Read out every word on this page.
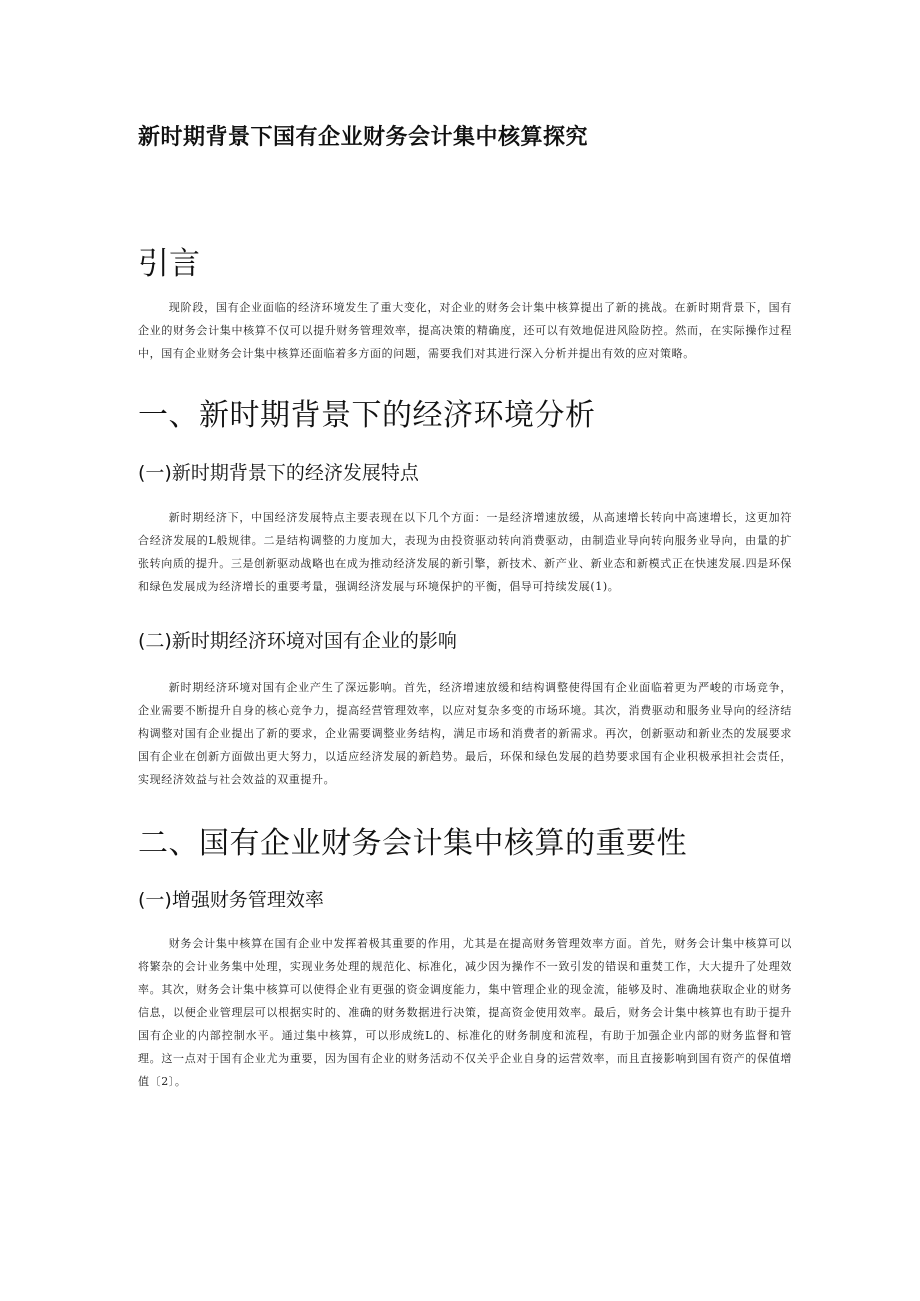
新时期背景下国有企业财务会计集中核算探究
引言

现阶段，国有企业面临的经济环境发生了重大变化，对企业的财务会计集中核算提出了新的挑战。在新时期背景下，国有企业的财务会计集中核算不仅可以提升财务管理效率，提高决策的精确度，还可以有效地促进风险防控。然而，在实际操作过程中，国有企业财务会计集中核算还面临着多方面的问题，需要我们对其进行深入分析并提出有效的应对策略。

一、新时期背景下的经济环境分析
(一)新时期背景下的经济发展特点

新时期经济下，中国经济发展特点主要表现在以下几个方面：一是经济增速放缓，从高速增长转向中高速增长，这更加符合经济发展的L般规律。二是结构调整的力度加大，表现为由投资驱动转向消费驱动，由制造业导向转向服务业导向，由量的扩张转向质的提升。三是创新驱动战略也在成为推动经济发展的新引擎，新技术、新产业、新业态和新模式正在快速发展.四是环保和绿色发展成为经济增长的重要考量，强调经济发展与环境保护的平衡，倡导可持续发展(1)。

(二)新时期经济环境对国有企业的影响

新时期经济环境对国有企业产生了深远影响。首先，经济增速放缓和结构调整使得国有企业面临着更为严峻的市场竞争，企业需要不断提升自身的核心竞争力，提高经营管理效率，以应对复杂多变的市场环境。其次，消费驱动和服务业导向的经济结构调整对国有企业提出了新的要求，企业需要调整业务结构，满足市场和消费者的新需求。再次，创新驱动和新业杰的发展要求国有企业在创新方面做出更大努力，以适应经济发展的新趋势。最后，环保和绿色发展的趋势要求国有企业积极承担社会责任，实现经济效益与社会效益的双重提升。

二、国有企业财务会计集中核算的重要性
(一)增强财务管理效率

财务会计集中核算在国有企业中发挥着极其重要的作用，尤其是在提高财务管理效率方面。首先，财务会计集中核算可以将繁杂的会计业务集中处理，实现业务处理的规范化、标准化，减少因为操作不一致引发的错误和重焚工作，大大提升了处理效率。其次，财务会计集中核算可以使得企业有更强的资金调度能力，集中管理企业的现金流，能够及时、准确地获取企业的财务信息，以便企业管理层可以根据实时的、准确的财务数据进行决策，提高资金使用效率。最后，财务会计集中核算也有助于提升国有企业的内部控制水平。通过集中核算，可以形成统L的、标准化的财务制度和流程，有助于加强企业内部的财务监督和管理。这一点对于国有企业尤为重要，因为国有企业的财务活动不仅关乎企业自身的运营效率，而且直接影响到国有资产的保值增值〔2〕。
